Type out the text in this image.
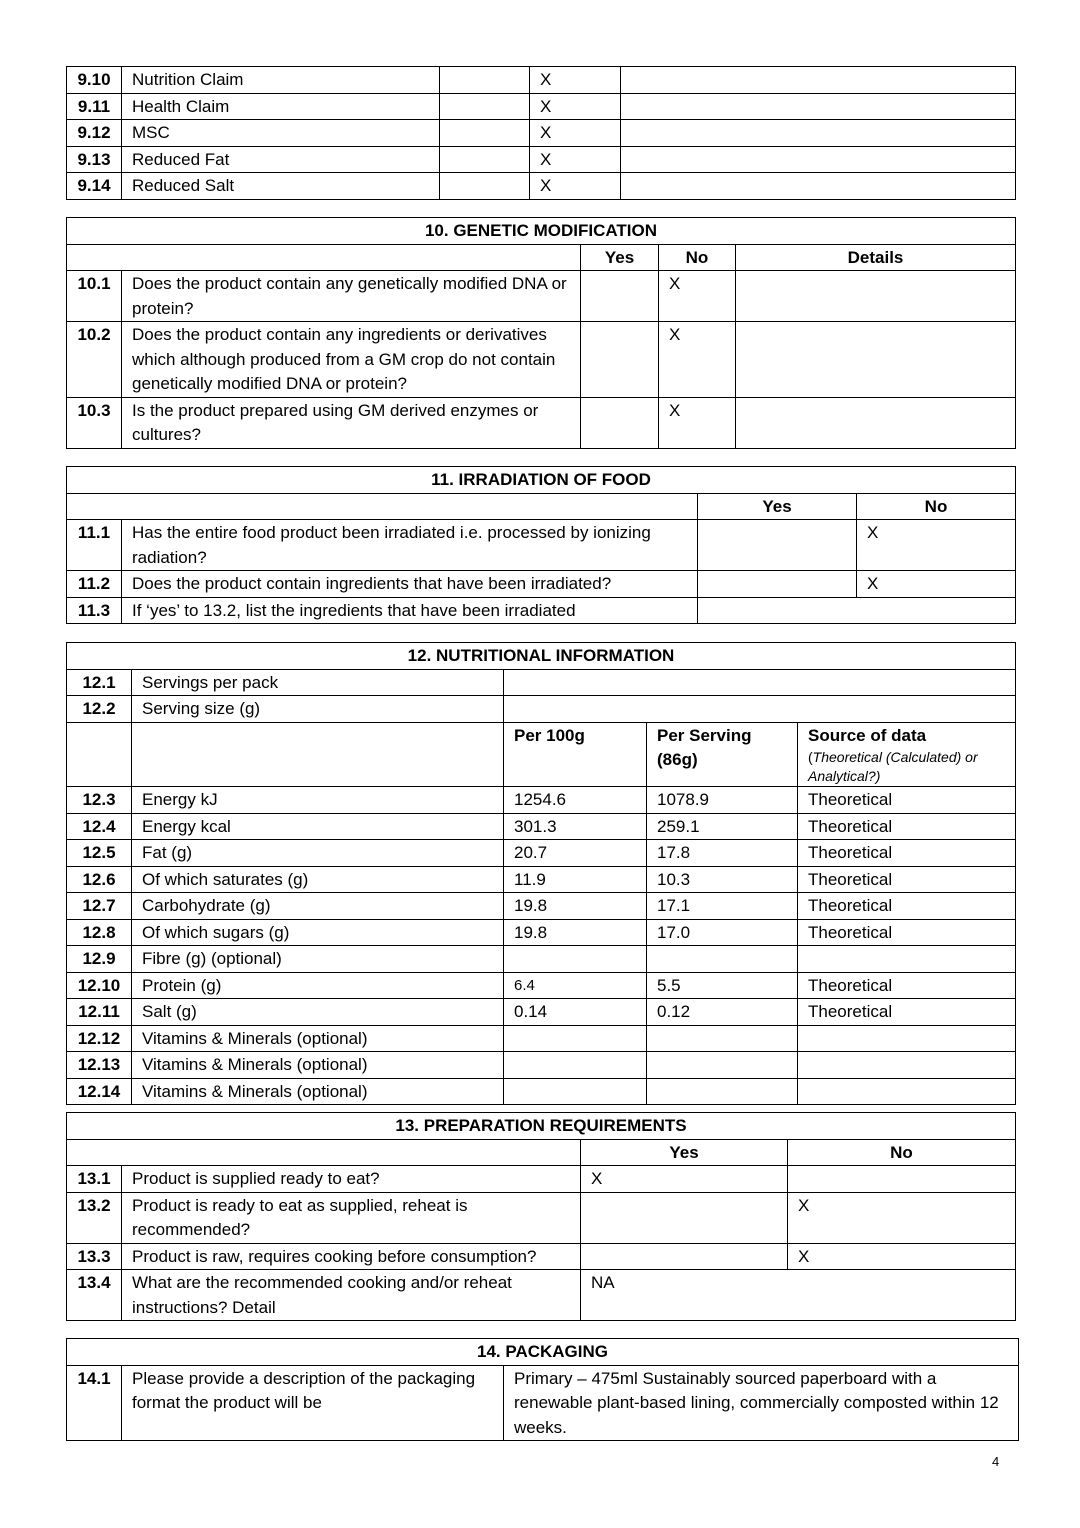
9.10	Nutrition Claim		X	
9.11	Health Claim		X	
9.12	MSC		X	
9.13	Reduced Fat		X	
9.14	Reduced Salt		X	
10. GENETIC MODIFICATION				
		Yes	No	Details
10.1	Does the product contain any genetically modified DNA or protein?		X	
10.2	Does the product contain any ingredients or derivatives which although produced from a GM crop do not contain genetically modified DNA or protein?		X	
10.3	Is the product prepared using GM derived enzymes or cultures?		X	
11. IRRADIATION OF FOOD			
		Yes	No
11.1	Has the entire food product been irradiated i.e. processed by ionizing radiation?		X
11.2	Does the product contain ingredients that have been irradiated?		X
11.3	If ‘yes’ to 13.2, list the ingredients that have been irradiated		
12. NUTRITIONAL INFORMATION				
12.1	Servings per pack			
12.2	Serving size (g)			
		Per 100g	Per Serving (86g)	Source of data
(Theoretical (Calculated) or Analytical?)

12.3	Energy kJ	1254.6	1078.9	Theoretical
12.4	Energy kcal	301.3	259.1	Theoretical
12.5	Fat (g)	20.7	17.8	Theoretical
12.6	Of which saturates (g)	11.9	10.3	Theoretical
12.7	Carbohydrate (g)	19.8	17.1	Theoretical
12.8	Of which sugars (g)	19.8	17.0	Theoretical
12.9	Fibre (g) (optional)			
12.10	Protein (g)	6.4	5.5	Theoretical
12.11	Salt (g)	0.14	0.12	Theoretical
12.12	Vitamins & Minerals (optional)			
12.13	Vitamins & Minerals (optional)			
12.14	Vitamins & Minerals (optional)			
13. PREPARATION REQUIREMENTS			
		Yes	No
13.1	Product is supplied ready to eat?	X	
13.2	Product is ready to eat as supplied, reheat is recommended?		X
13.3	Product is raw, requires cooking before consumption?		X
13.4	What are the recommended cooking and/or reheat instructions? Detail	NA	
14. PACKAGING
14.1	Please provide a description of the packaging format the product will be	Primary – 475ml Sustainably sourced paperboard with a renewable plant-based lining, commercially composted within 12 weeks.
4
